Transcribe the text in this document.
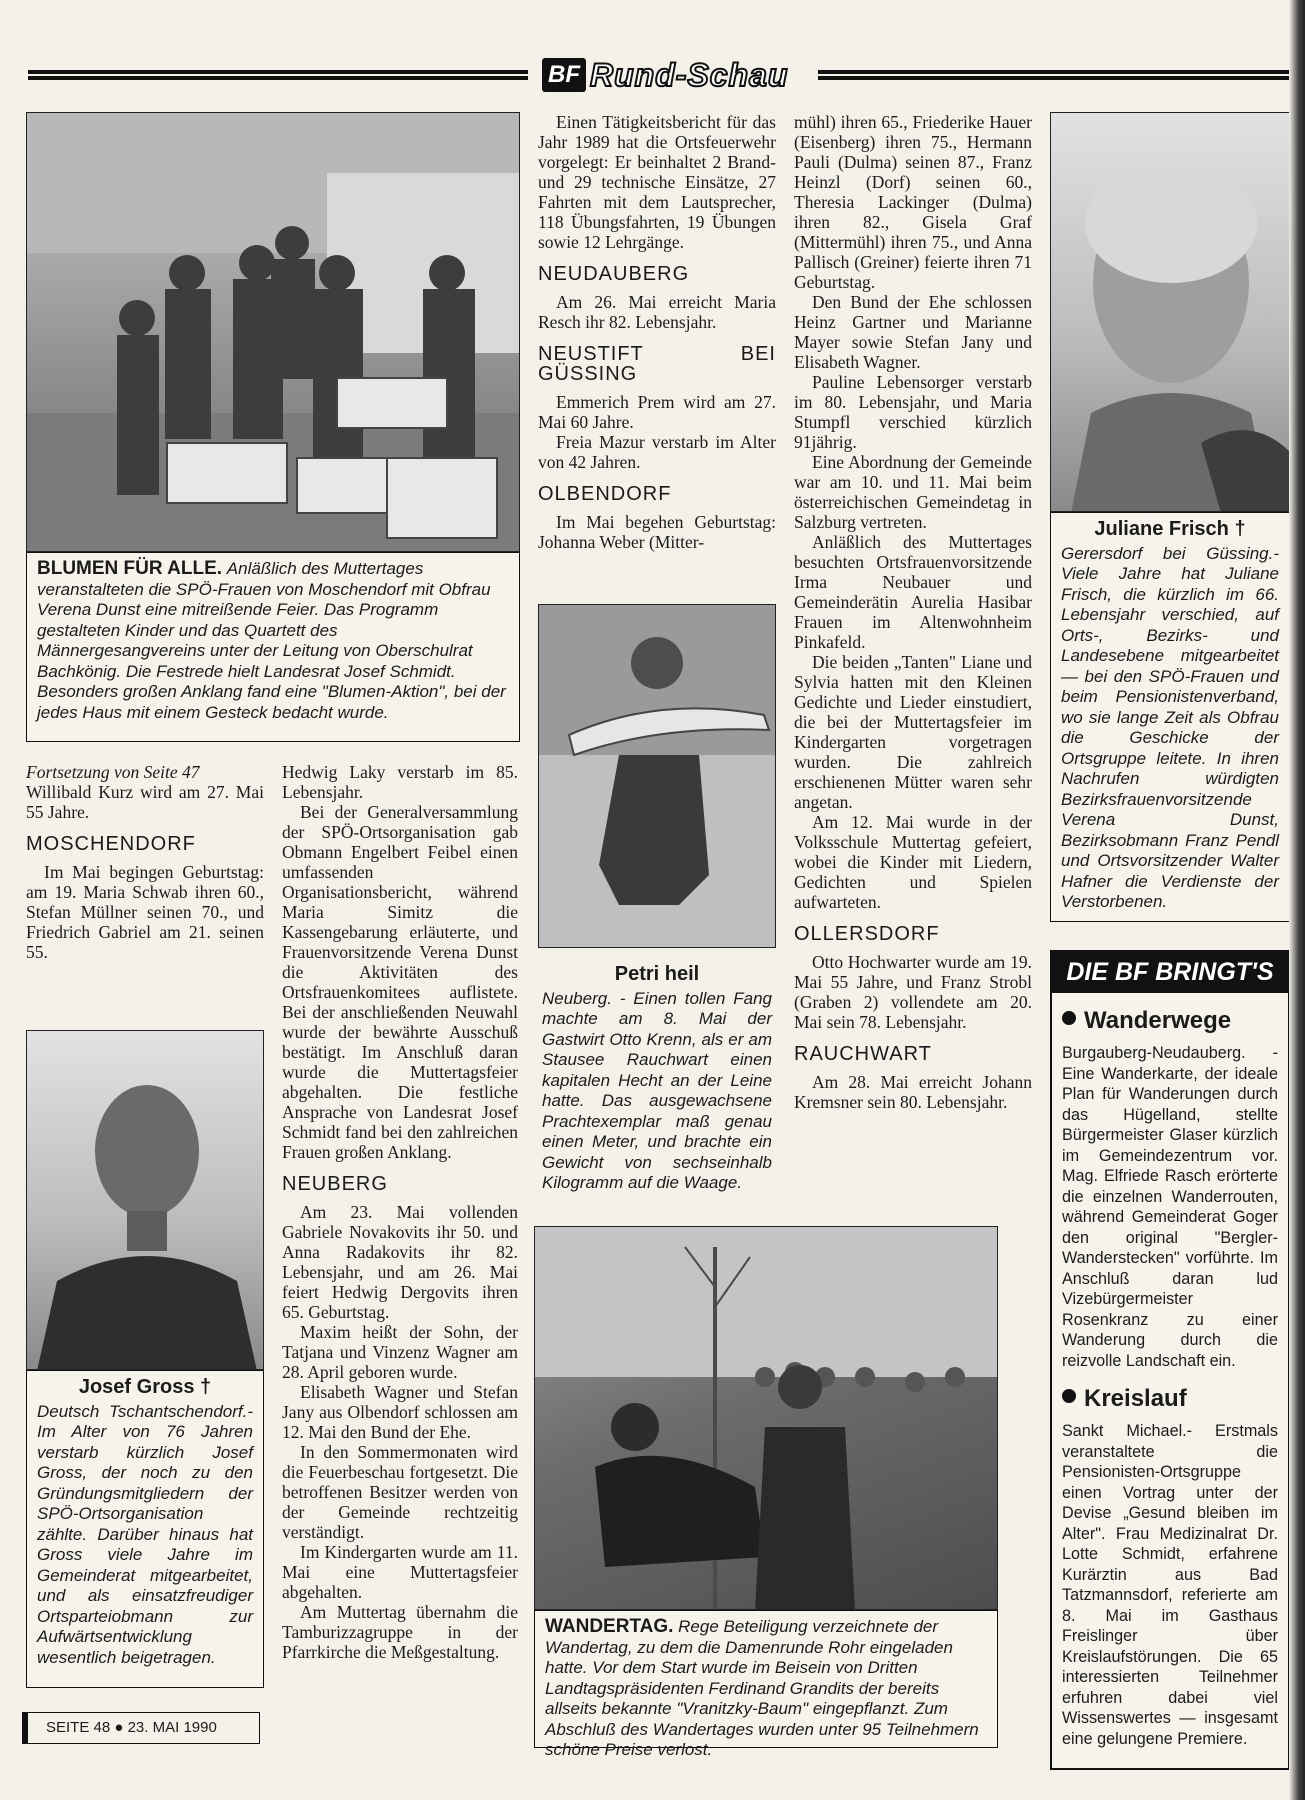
BF Rund-Schau
BLUMEN FÜR ALLE. Anläßlich des Muttertages veranstalteten die SPÖ-Frauen von Moschendorf mit Obfrau Verena Dunst eine mitreißende Feier. Das Programm gestalteten Kinder und das Quartett des Männergesangvereins unter der Leitung von Oberschulrat Bachkönig. Die Festrede hielt Landesrat Josef Schmidt. Besonders großen Anklang fand eine "Blumen-Aktion", bei der jedes Haus mit einem Gesteck bedacht wurde.

Fortsetzung von Seite 47

Willibald Kurz wird am 27. Mai 55 Jahre.

MOSCHENDORF

Im Mai begingen Geburtstag: am 19. Maria Schwab ihren 60., Stefan Müllner seinen 70., und Friedrich Gabriel am 21. seinen 55.

Josef Gross †
Deutsch Tschantschendorf.- Im Alter von 76 Jahren verstarb kürzlich Josef Gross, der noch zu den Gründungsmitgliedern der SPÖ-Ortsorganisation zählte. Darüber hinaus hat Gross viele Jahre im Gemeinderat mitgearbeitet, und als einsatzfreudiger Ortsparteiobmann zur Aufwärtsentwicklung wesentlich beigetragen.

Hedwig Laky verstarb im 85. Lebensjahr.

Bei der Generalversammlung der SPÖ-Ortsorganisation gab Obmann Engelbert Feibel einen umfassenden Organisationsbericht, während Maria Simitz die Kassengebarung erläuterte, und Frauenvorsitzende Verena Dunst die Aktivitäten des Ortsfrauenkomitees auflistete. Bei der anschließenden Neuwahl wurde der bewährte Ausschuß bestätigt. Im Anschluß daran wurde die Muttertagsfeier abgehalten. Die festliche Ansprache von Landesrat Josef Schmidt fand bei den zahlreichen Frauen großen Anklang.

NEUBERG

Am 23. Mai vollenden Gabriele Novakovits ihr 50. und Anna Radakovits ihr 82. Lebensjahr, und am 26. Mai feiert Hedwig Dergovits ihren 65. Geburtstag.

Maxim heißt der Sohn, der Tatjana und Vinzenz Wagner am 28. April geboren wurde.

Elisabeth Wagner und Stefan Jany aus Olbendorf schlossen am 12. Mai den Bund der Ehe.

In den Sommermonaten wird die Feuerbeschau fortgesetzt. Die betroffenen Besitzer werden von der Gemeinde rechtzeitig verständigt.

Im Kindergarten wurde am 11. Mai eine Muttertagsfeier abgehalten.

Am Muttertag übernahm die Tamburizzagruppe in der Pfarrkirche die Meßgestaltung.

Einen Tätigkeitsbericht für das Jahr 1989 hat die Ortsfeuerwehr vorgelegt: Er beinhaltet 2 Brand- und 29 technische Einsätze, 27 Fahrten mit dem Lautsprecher, 118 Übungsfahrten, 19 Übungen sowie 12 Lehrgänge.

NEUDAUBERG

Am 26. Mai erreicht Maria Resch ihr 82. Lebensjahr.

NEUSTIFT BEI GÜSSING

Emmerich Prem wird am 27. Mai 60 Jahre.

Freia Mazur verstarb im Alter von 42 Jahren.

OLBENDORF

Im Mai begehen Geburtstag: Johanna Weber (Mitter-

Petri heil
Neuberg. - Einen tollen Fang machte am 8. Mai der Gastwirt Otto Krenn, als er am Stausee Rauchwart einen kapitalen Hecht an der Leine hatte. Das ausgewachsene Prachtexemplar maß genau einen Meter, und brachte ein Gewicht von sechseinhalb Kilogramm auf die Waage.

mühl) ihren 65., Friederike Hauer (Eisenberg) ihren 75., Hermann Pauli (Dulma) seinen 87., Franz Heinzl (Dorf) seinen 60., Theresia Lackinger (Dulma) ihren 82., Gisela Graf (Mittermühl) ihren 75., und Anna Pallisch (Greiner) feierte ihren 71 Geburtstag.

Den Bund der Ehe schlossen Heinz Gartner und Marianne Mayer sowie Stefan Jany und Elisabeth Wagner.

Pauline Lebensorger verstarb im 80. Lebensjahr, und Maria Stumpfl verschied kürzlich 91jährig.

Eine Abordnung der Gemeinde war am 10. und 11. Mai beim österreichischen Gemeindetag in Salzburg vertreten.

Anläßlich des Muttertages besuchten Ortsfrauenvorsitzende Irma Neubauer und Gemeinderätin Aurelia Hasibar Frauen im Altenwohnheim Pinkafeld.

Die beiden „Tanten" Liane und Sylvia hatten mit den Kleinen Gedichte und Lieder einstudiert, die bei der Muttertagsfeier im Kindergarten vorgetragen wurden. Die zahlreich erschienenen Mütter waren sehr angetan.

Am 12. Mai wurde in der Volksschule Muttertag gefeiert, wobei die Kinder mit Liedern, Gedichten und Spielen aufwarteten.

OLLERSDORF

Otto Hochwarter wurde am 19. Mai 55 Jahre, und Franz Strobl (Graben 2) vollendete am 20. Mai sein 78. Lebensjahr.

RAUCHWART

Am 28. Mai erreicht Johann Kremsner sein 80. Lebensjahr.

WANDERTAG. Rege Beteiligung verzeichnete der Wandertag, zu dem die Damenrunde Rohr eingeladen hatte. Vor dem Start wurde im Beisein von Dritten Landtagspräsidenten Ferdinand Grandits der bereits allseits bekannte "Vranitzky-Baum" eingepflanzt. Zum Abschluß des Wandertages wurden unter 95 Teilnehmern schöne Preise verlost.
Juliane Frisch †
Gerersdorf bei Güssing.- Viele Jahre hat Juliane Frisch, die kürzlich im 66. Lebensjahr verschied, auf Orts-, Bezirks- und Landesebene mitgearbeitet — bei den SPÖ-Frauen und beim Pensionistenverband, wo sie lange Zeit als Obfrau die Geschicke der Ortsgruppe leitete. In ihren Nachrufen würdigten Bezirksfrauenvorsitzende Verena Dunst, Bezirksobmann Franz Pendl und Ortsvorsitzender Walter Hafner die Verdienste der Verstorbenen.
DIE BF BRINGT'S
Wanderwege
Burgauberg-Neudauberg. - Eine Wanderkarte, der ideale Plan für Wanderungen durch das Hügelland, stellte Bürgermeister Glaser kürzlich im Gemeindezentrum vor. Mag. Elfriede Rasch erörterte die einzelnen Wanderrouten, während Gemeinderat Goger den original "Bergler-Wanderstecken" vorführte. Im Anschluß daran lud Vizebürgermeister Rosenkranz zu einer Wanderung durch die reizvolle Landschaft ein.
Kreislauf
Sankt Michael.- Erstmals veranstaltete die Pensionisten-Ortsgruppe einen Vortrag unter der Devise „Gesund bleiben im Alter". Frau Medizinalrat Dr. Lotte Schmidt, erfahrene Kurärztin aus Bad Tatzmannsdorf, referierte am 8. Mai im Gasthaus Freislinger über Kreislaufstörungen. Die 65 interessierten Teilnehmer erfuhren dabei viel Wissenswertes — insgesamt eine gelungene Premiere.
SEITE 48 ● 23. MAI 1990
